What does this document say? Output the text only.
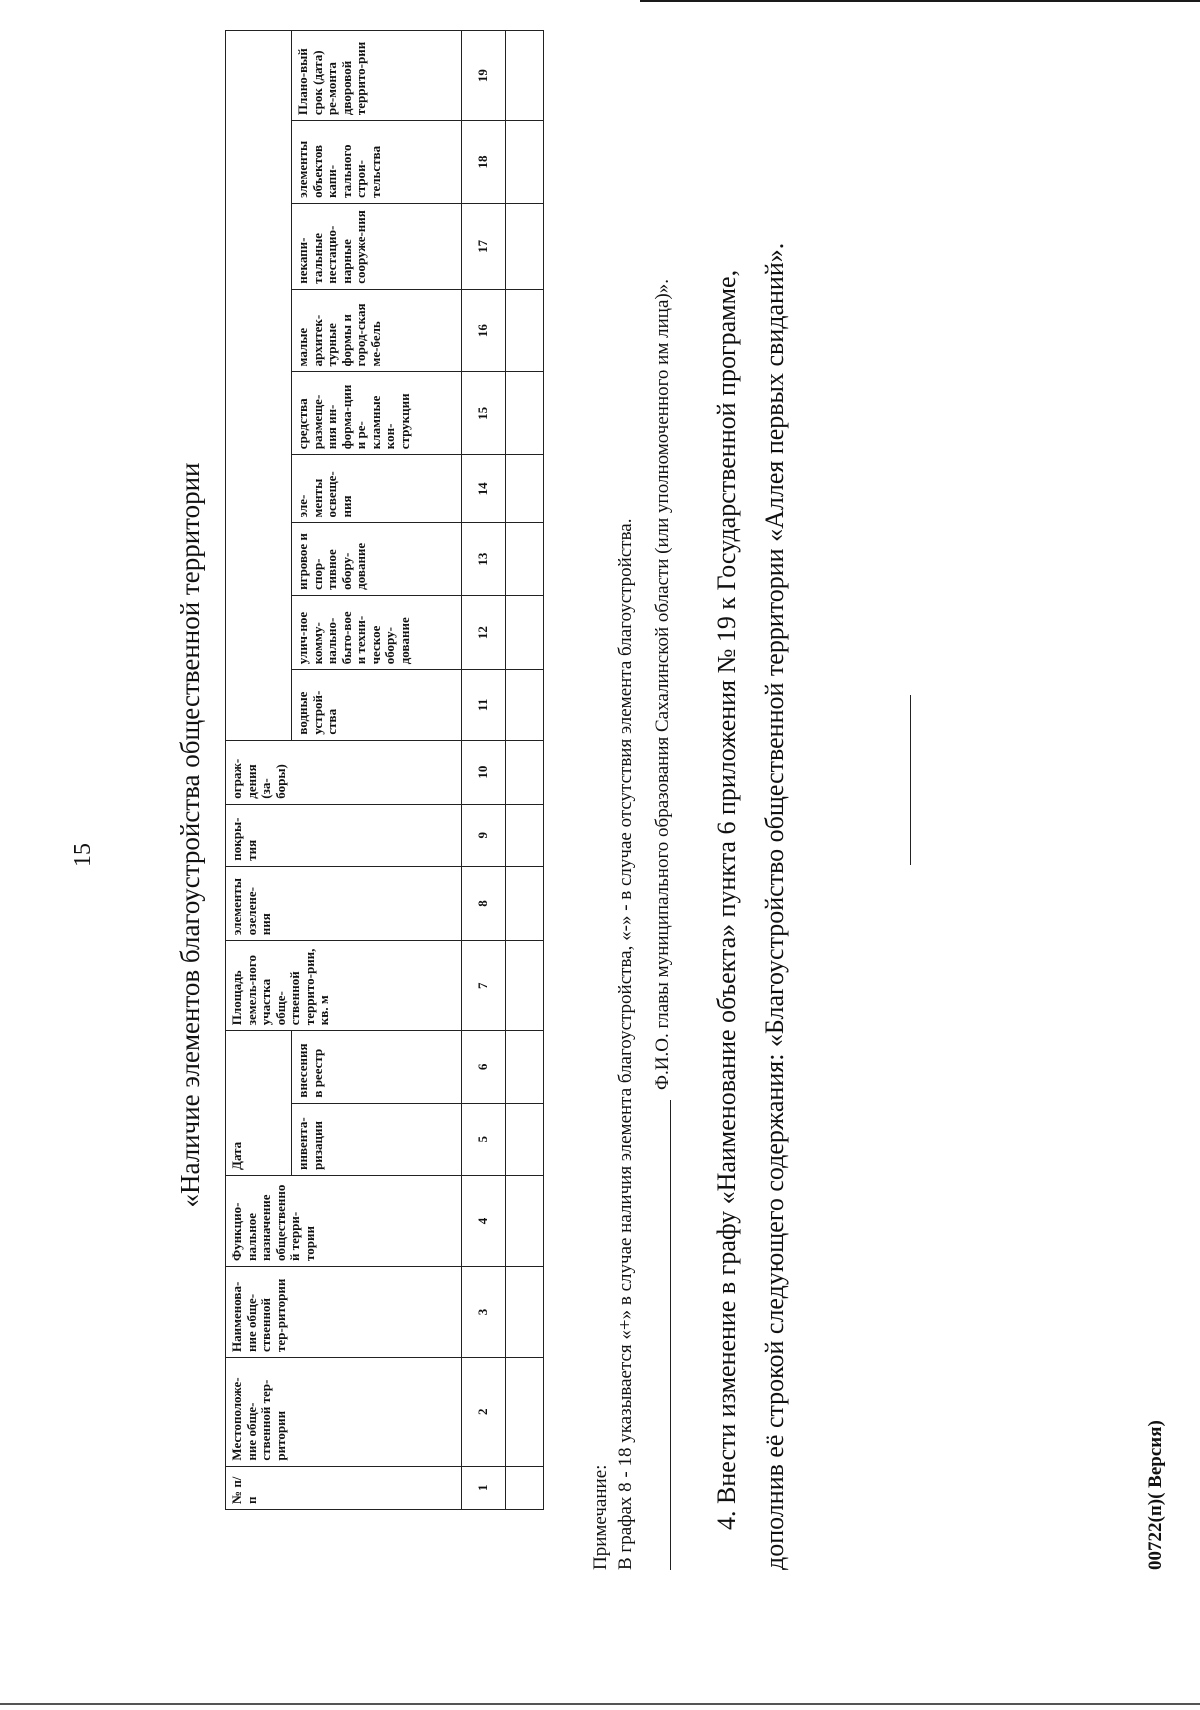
15	«Наличие элементов благоустройства общественной территории
№ п/п	Местоположе-ние обще-ственной тер-ритории	Наименова-ние обще-ственной тер-ритории	Функцио-нальное назначение общественной терри-тории	Дата		Площадь земель-ного участка обще-ственной террито-рии, кв. м	элементы озелене-ния	покры-тия	ограж-дения (за-боры)									
				инвента-ризации	внесения в реестр					водные устрой-ства	улич-ное комму-нально-быто-вое и техни-ческое обору-дование	игровое и спор-тивное обору-дование	эле-менты освеще-ния	средства размеще-ния ин-форма-ции и ре-кламные кон-струкции	малые архитек-турные формы и город-ская ме-бель	некапи-тальные нестацио-нарные сооруже-ния	элементы объектов капи-тального строи-тельства	Плано-вый срок (дата) ре-монта дворовой террито-рии
1	2	3	4	5	6	7	8	9	10	11	12	13	14	15	16	17	18	19

Примечание: В графах 8 - 18 указывается «+» в случае наличия элемента благоустройства, «-» - в случае отсутствия элемента благоустройства. Ф.И.О. главы муниципального образования Сахалинской области (или уполномоченного им лица)». 4. Внести изменение в графу «Наименование объекта» пункта 6 приложения № 19 к Государственной программе, дополнив её строкой следующего содержания: «Благоустройство общественной территории «Аллея первых свиданий».	00722(п)( Версия)
